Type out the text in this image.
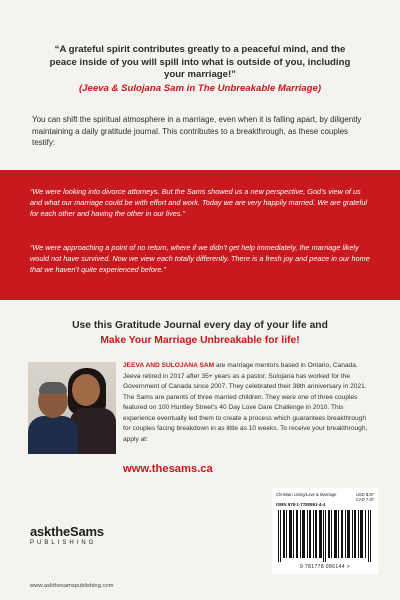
“A grateful spirit contributes greatly to a peaceful mind, and the peace inside of you will spill into what is outside of you, including your marriage!”

(Jeeva & Sulojana Sam in The Unbreakable Marriage)

You can shift the spiritual atmosphere in a marriage, even when it is falling apart, by diligently maintaining a daily gratitude journal. This contributes to a breakthrough, as these couples testify:

“We were looking into divorce attorneys. But the Sams showed us a new perspective, God’s view of us and what our marriage could be with effort and work. Today we are very happily married. We are grateful for each other and having the other in our lives.”

“We were approaching a point of no return, where if we didn’t get help immediately, the marriage likely would not have survived. Now we view each totally differently. There is a fresh joy and peace in our home that we haven’t quite experienced before.”

Use this Gratitude Journal every day of your life and

Make Your Marriage Unbreakable for life!

JEEVA AND SULOJANA SAM are marriage mentors based in Ontario, Canada. Jeeva retired in 2017 after 35+ years as a pastor. Sulojana has worked for the Government of Canada since 2007. They celebrated their 38th anniversary in 2021. The Sams are parents of three married children. They were one of three couples featured on 100 Huntley Street’s 40 Day Love Dare Challenge in 2010. This experience eventually led them to create a process which guarantees breakthrough for couples facing breakdown in as little as 10 weeks. To receive your breakthrough, apply at:

www.thesams.ca
asktheSams
PUBLISHING
www.askthesamspublishing.com
Christian Living/Love & Marriage	USD $.97
CAD 7.97
ISBN 978-1-7780861-4-4
9 781778 086144 >
